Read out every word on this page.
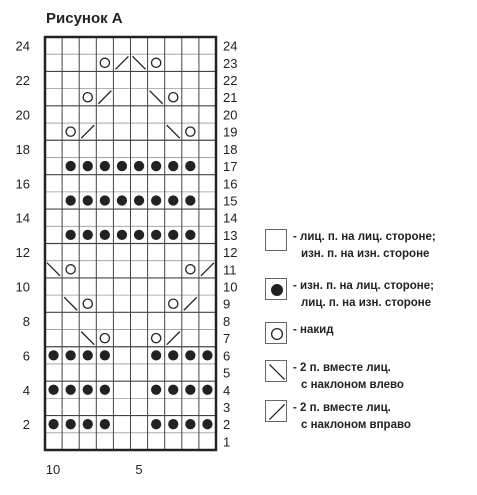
Рисунок А
1
2	2
3
4	4
5
6	6
7
8	8
9
10	10
11
12	12
13
14	14
15
16	16
17
18	18
19
20	20
21
22	22
23
24	24
10	5
- лиц. п. на лиц. стороне;
изн. п. на изн. стороне
- изн. п. на лиц. стороне;
лиц. п. на изн. стороне
- накид
- 2 п. вместе лиц.
с наклоном влево
- 2 п. вместе лиц.
с наклоном вправо
